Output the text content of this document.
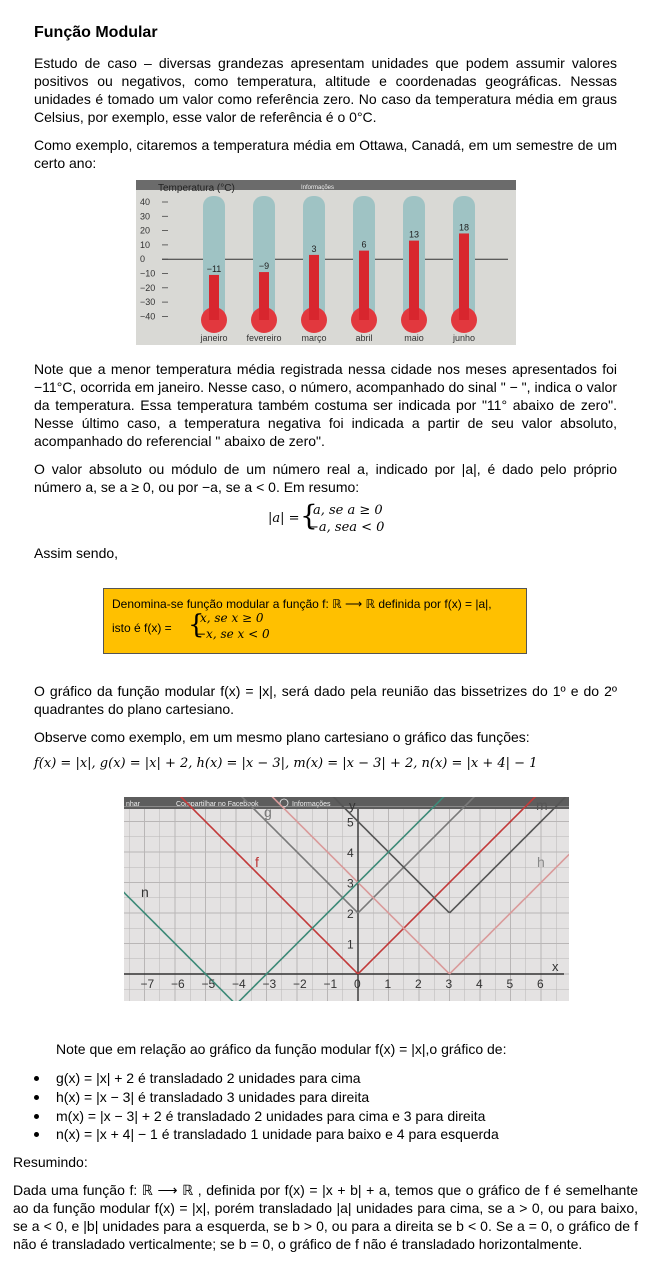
Função Modular
Estudo de caso – diversas grandezas apresentam unidades que podem assumir valores positivos ou negativos, como temperatura, altitude e coordenadas geográficas. Nessas unidades é tomado um valor como referência zero. No caso da temperatura média em graus Celsius, por exemplo, esse valor de referência é o 0°C.
Como exemplo, citaremos a temperatura média em Ottawa, Canadá, em um semestre de um certo ano:
Temperatura (°C)	Informações
40
30
20
10
0
−10
−20
−30
−40
−11
janeiro
−9
fevereiro
3
março
6
abril
13
maio
18
junho
Note que a menor temperatura média registrada nessa cidade nos meses apresentados foi −11°C, ocorrida em janeiro. Nesse caso, o número, acompanhado do sinal " − ", indica o valor da temperatura. Essa temperatura também costuma ser indicada por "11° abaixo de zero". Nesse último caso, a temperatura negativa foi indicada a partir de seu valor absoluto, acompanhado do referencial " abaixo de zero".
O valor absoluto ou módulo de um número real a, indicado por |a|, é dado pelo próprio número a, se a ≥ 0, ou por −a, se a < 0. Em resumo:
|a| = {
a, se a ≥ 0
−a, sea < 0
Assim sendo,
Denomina-se função modular a função f: ℝ ⟶ ℝ definida por f(x) = |a|,
isto é f(x) = {
x, se x ≥ 0
−x, se x < 0
O gráfico da função modular f(x) = |x|, será dado pela reunião das bissetrizes do 1º e do 2º quadrantes do plano cartesiano.
Observe como exemplo, em um mesmo plano cartesiano o gráfico das funções:
f(x) = |x|, g(x) = |x| + 2, h(x) = |x − 3|, m(x) = |x − 3| + 2, n(x) = |x + 4| − 1
nhar	Compartilhar no Facebook	Informações
−7 −6 −5 −4 −3 −2 −1 0 1 2 3 4 5 6
1
2
3
4
5
x
y
g
f
n
m
h
Note que em relação ao gráfico da função modular f(x) = |x|,o gráfico de:
g(x) = |x| + 2 é transladado 2 unidades para cima
h(x) = |x − 3| é transladado 3 unidades para direita
m(x) = |x − 3| + 2 é transladado 2 unidades para cima e 3 para direita
n(x) = |x + 4| − 1 é transladado 1 unidade para baixo e 4 para esquerda
Resumindo:
Dada uma função f: ℝ ⟶ ℝ , definida por f(x) = |x + b| + a, temos que o gráfico de f é semelhante ao da função modular f(x) = |x|, porém transladado |a| unidades para cima, se a > 0, ou para baixo, se a < 0, e |b| unidades para a esquerda, se b > 0, ou para a direita se b < 0. Se a = 0, o gráfico de f não é transladado verticalmente; se b = 0, o gráfico de f não é transladado horizontalmente.
